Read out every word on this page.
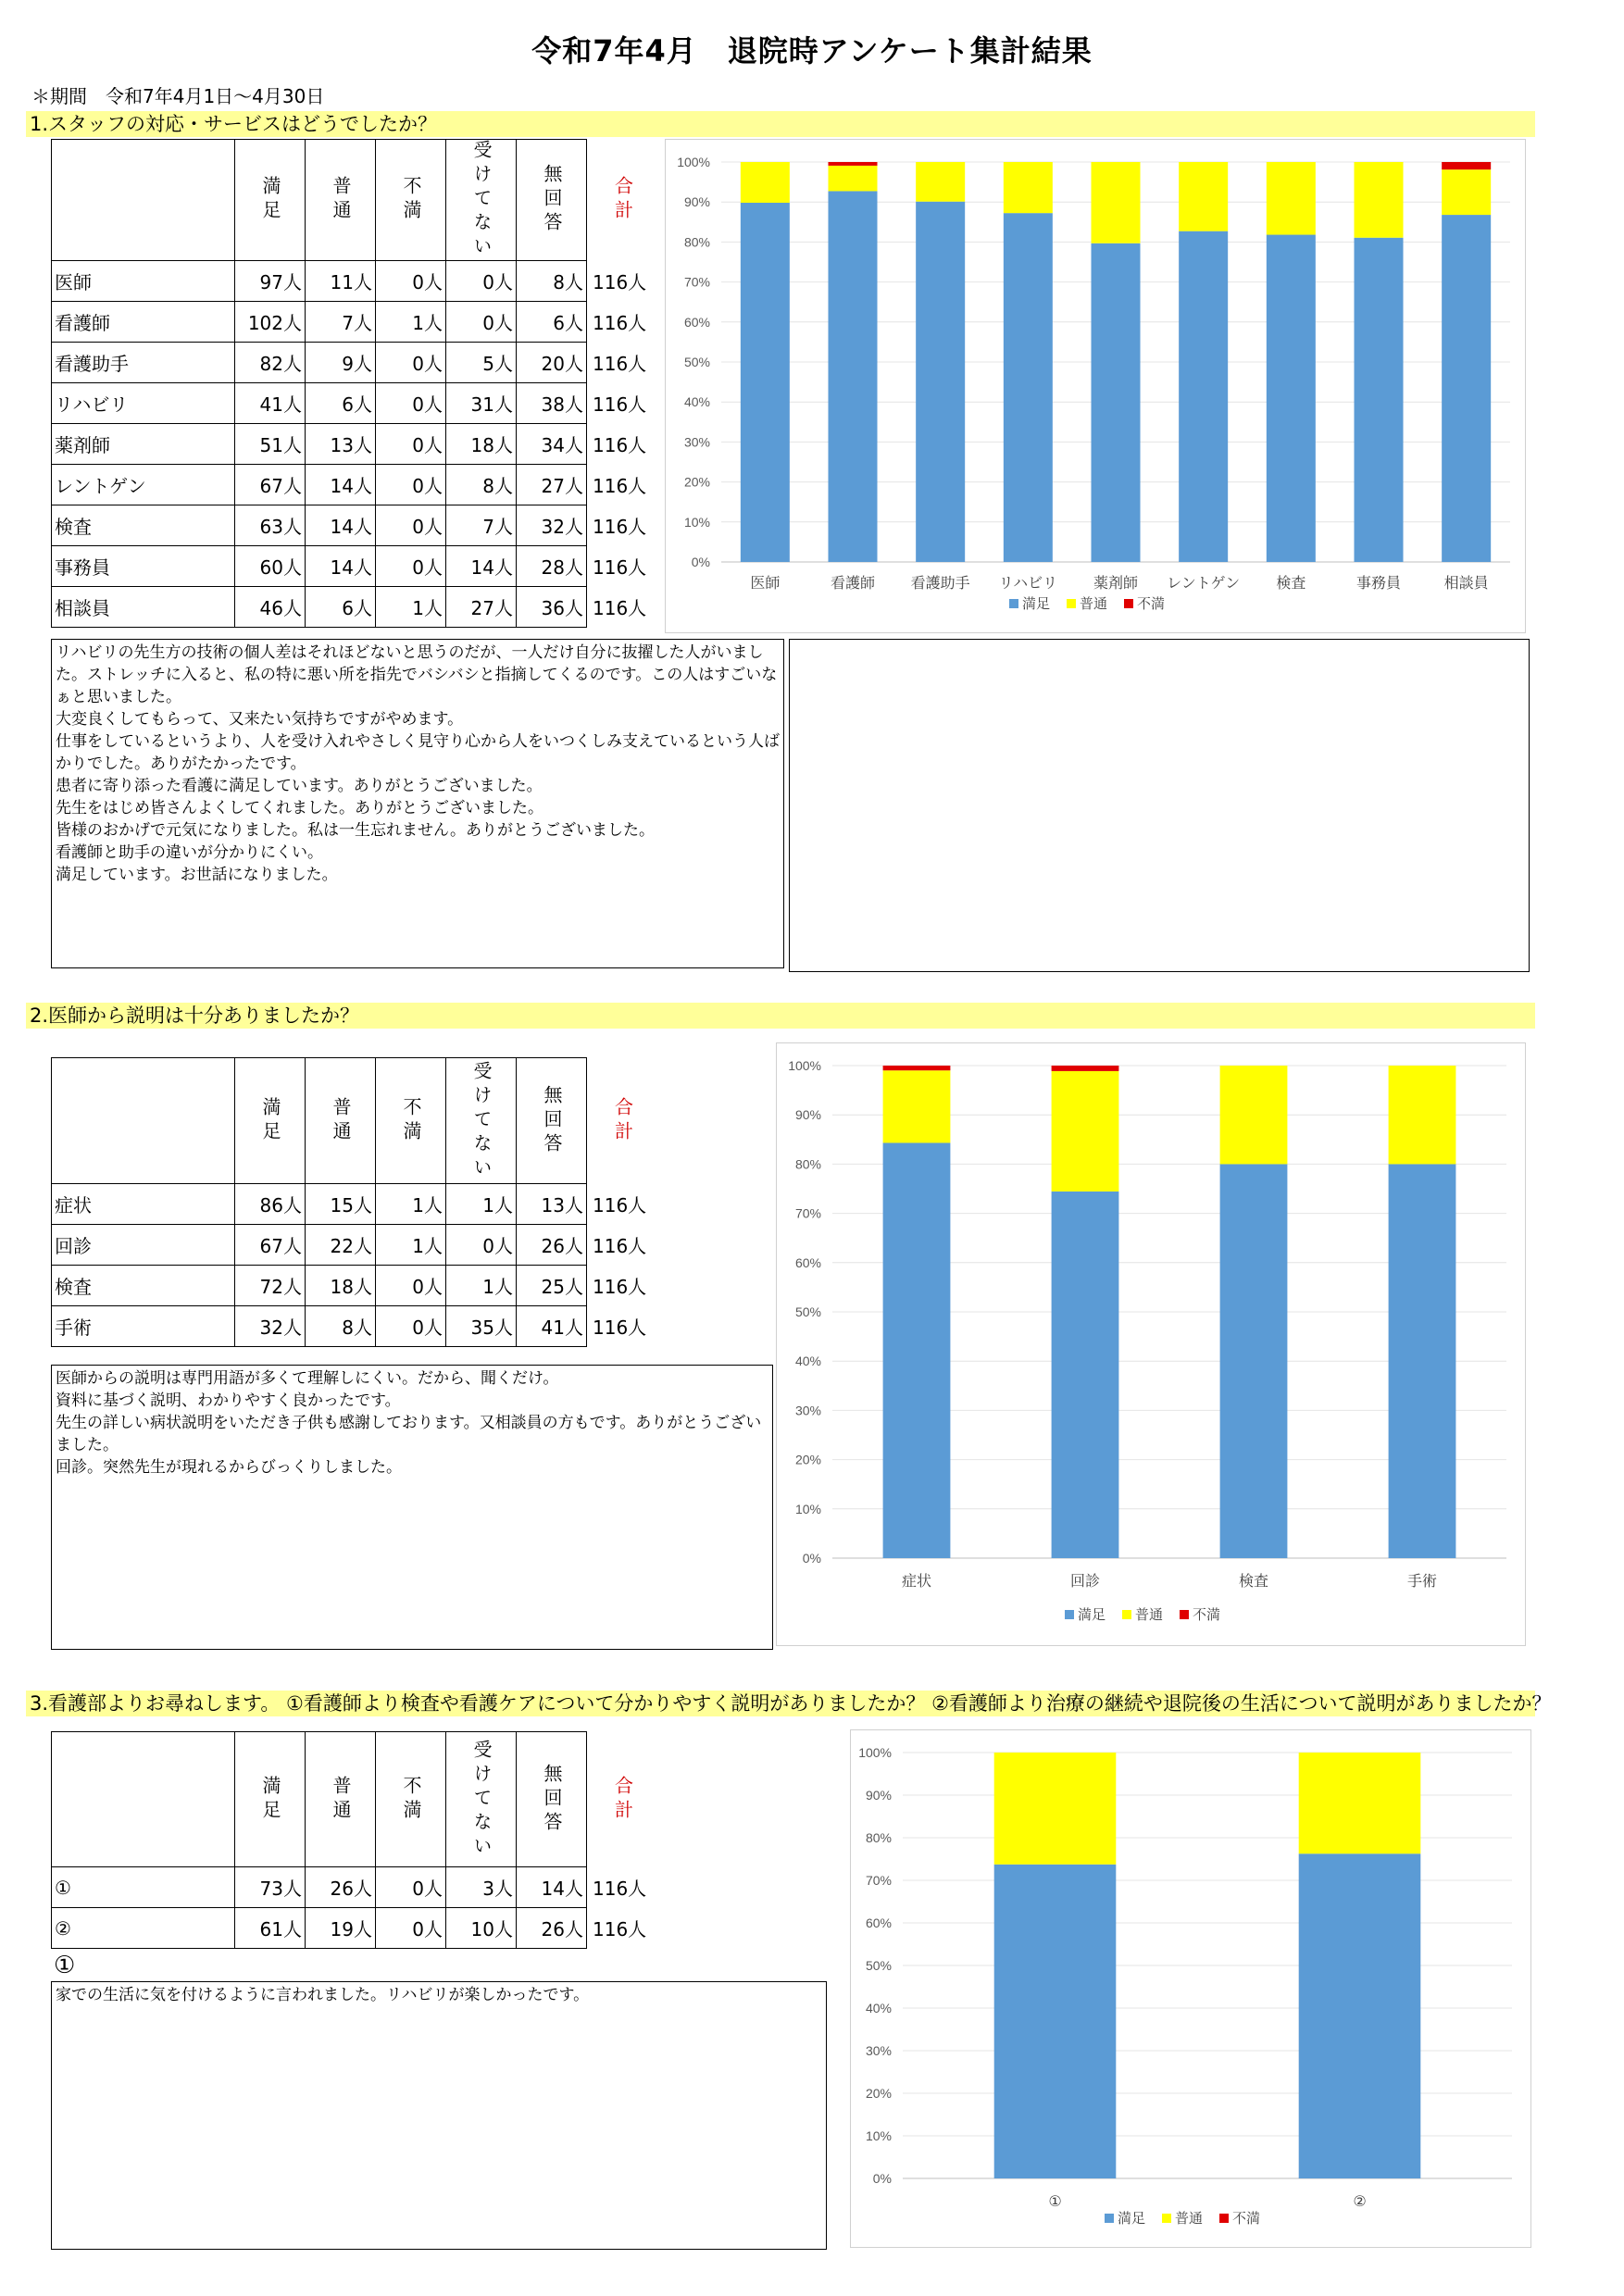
令和7年4月　退院時アンケート集計結果
＊期間　令和7年4月1日～4月30日
1.スタッフの対応・サービスはどうでしたか？

	満足	普通	不満	受けてない	無回答	合計

医師	97人	11人	0人	0人	8人	116人
看護師	102人	7人	1人	0人	6人	116人
看護助手	82人	9人	0人	5人	20人	116人
リハビリ	41人	6人	0人	31人	38人	116人
薬剤師	51人	13人	0人	18人	34人	116人
レントゲン	67人	14人	0人	8人	27人	116人
検査	63人	14人	0人	7人	32人	116人
事務員	60人	14人	0人	14人	28人	116人
相談員	46人	6人	1人	27人	36人	116人
0%
10%
20%
30%
40%
50%
60%
70%
80%
90%
100%
医師	看護師 看護助手 リハビリ 薬剤師 レントゲン 検査	事務員	相談員
満足 普通 不満
リハビリの先生方の技術の個人差はそれほどないと思うのだが、一人だけ自分に抜擢した人がいました。ストレッチに入ると、私の特に悪い所を指先でバシバシと指摘してくるのです。この人はすごいなぁと思いました。
大変良くしてもらって、又来たい気持ちですがやめます。
仕事をしているというより、人を受け入れやさしく見守り心から人をいつくしみ支えているという人ばかりでした。ありがたかったです。
患者に寄り添った看護に満足しています。ありがとうございました。
先生をはじめ皆さんよくしてくれました。ありがとうございました。
皆様のおかげで元気になりました。私は一生忘れません。ありがとうございました。
看護師と助手の違いが分かりにくい。
満足しています。お世話になりました。
2.医師から説明は十分ありましたか？

	満足	普通	不満	受けてない	無回答	合計

症状	86人	15人	1人	1人	13人	116人
回診	67人	22人	1人	0人	26人	116人
検査	72人	18人	0人	1人	25人	116人
手術	32人	8人	0人	35人	41人	116人
0%
10%
20%
30%
40%
50%
60%
70%
80%
90%
100%
症状	回診	検査	手術
満足 普通 不満
医師からの説明は専門用語が多くて理解しにくい。だから、聞くだけ。
資料に基づく説明、わかりやすく良かったです。
先生の詳しい病状説明をいただき子供も感謝しております。又相談員の方もです。ありがとうございました。
回診。突然先生が現れるからびっくりしました。
3.看護部よりお尋ねします。 ①看護師より検査や看護ケアについて分かりやすく説明がありましたか？ ②看護師より治療の継続や退院後の生活について説明がありましたか？

	満足	普通	不満	受けてない	無回答	合計

①	73人	26人	0人	3人	14人	116人
②	61人	19人	0人	10人	26人	116人
0%
10%
20%
30%
40%
50%
60%
70%
80%
90%
100%
①	②
満足 普通 不満
①
家での生活に気を付けるように言われました。リハビリが楽しかったです。
